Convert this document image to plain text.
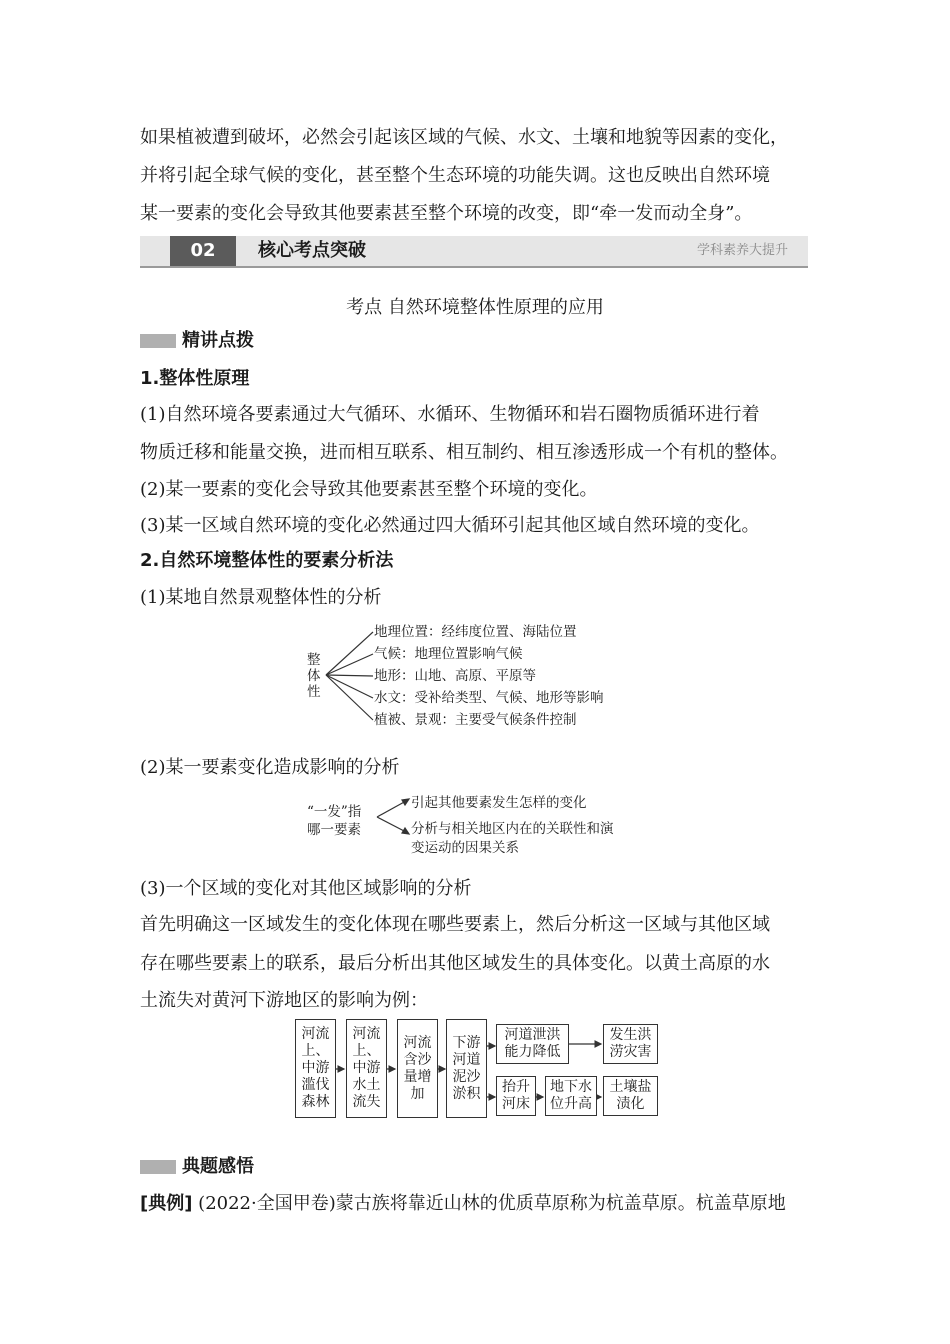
如果植被遭到破坏，必然会引起该区域的气候、水文、土壤和地貌等因素的变化，
并将引起全球气候的变化，甚至整个生态环境的功能失调。这也反映出自然环境
某一要素的变化会导致其他要素甚至整个环境的改变，即“牵一发而动全身”。
02	核心考点突破	学科素养大提升
考点 自然环境整体性原理的应用
精讲点拨
1.整体性原理
(1)自然环境各要素通过大气循环、水循环、生物循环和岩石圈物质循环进行着
物质迁移和能量交换，进而相互联系、相互制约、相互渗透形成一个有机的整体。
(2)某一要素的变化会导致其他要素甚至整个环境的变化。
(3)某一区域自然环境的变化必然通过四大循环引起其他区域自然环境的变化。
2.自然环境整体性的要素分析法
(1)某地自然景观整体性的分析
整
体
性
地理位置：经纬度位置、海陆位置
气候：地理位置影响气候
地形：山地、高原、平原等
水文：受补给类型、气候、地形等影响
植被、景观：主要受气候条件控制
(2)某一要素变化造成影响的分析
“一发”指
哪一要素
引起其他要素发生怎样的变化
分析与相关地区内在的关联性和演
变运动的因果关系
(3)一个区域的变化对其他区域影响的分析
首先明确这一区域发生的变化体现在哪些要素上，然后分析这一区域与其他区域
存在哪些要素上的联系，最后分析出其他区域发生的具体变化。以黄土高原的水
土流失对黄河下游地区的影响为例：
河流
上、
中游
滥伐
森林
河流
上、
中游
水土
流失
河流
含沙
量增
加
下游
河道
泥沙
淤积
河道泄洪
能力降低
发生洪
涝灾害
抬升
河床
地下水
位升高
土壤盐
渍化
典题感悟
[典例] (2022·全国甲卷)蒙古族将靠近山林的优质草原称为杭盖草原。杭盖草原地
